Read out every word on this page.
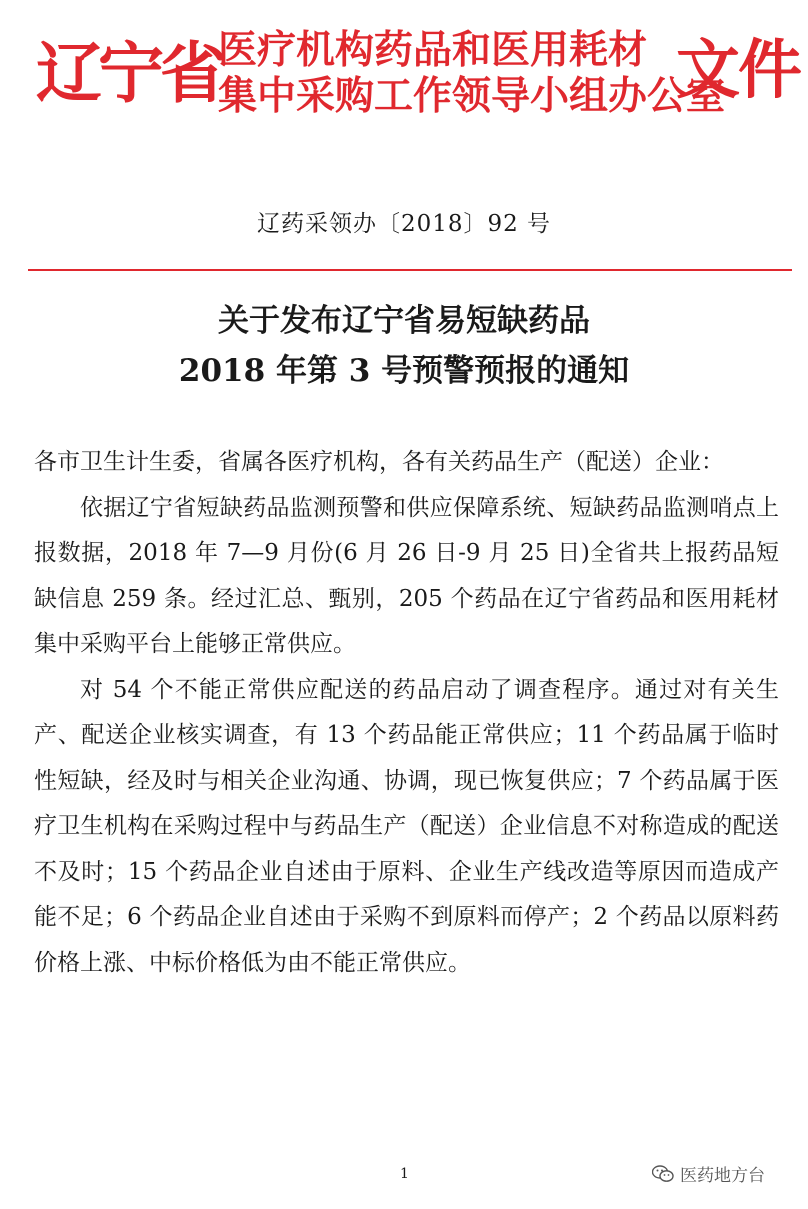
辽宁省
医疗机构药品和医用耗材
集中采购工作领导小组办公室
文件
辽药采领办〔2018〕92 号
关于发布辽宁省易短缺药品
2018 年第 3 号预警预报的通知

各市卫生计生委，省属各医疗机构，各有关药品生产（配送）企业：

依据辽宁省短缺药品监测预警和供应保障系统、短缺药品监测哨点上报数据，2018 年 7—9 月份(6 月 26 日-9 月 25 日)全省共上报药品短缺信息 259 条。经过汇总、甄别，205 个药品在辽宁省药品和医用耗材集中采购平台上能够正常供应。

对 54 个不能正常供应配送的药品启动了调查程序。通过对有关生产、配送企业核实调查，有 13 个药品能正常供应；11 个药品属于临时性短缺，经及时与相关企业沟通、协调，现已恢复供应；7 个药品属于医疗卫生机构在采购过程中与药品生产（配送）企业信息不对称造成的配送不及时；15 个药品企业自述由于原料、企业生产线改造等原因而造成产能不足；6 个药品企业自述由于采购不到原料而停产；2 个药品以原料药价格上涨、中标价格低为由不能正常供应。

1	医药地方台
